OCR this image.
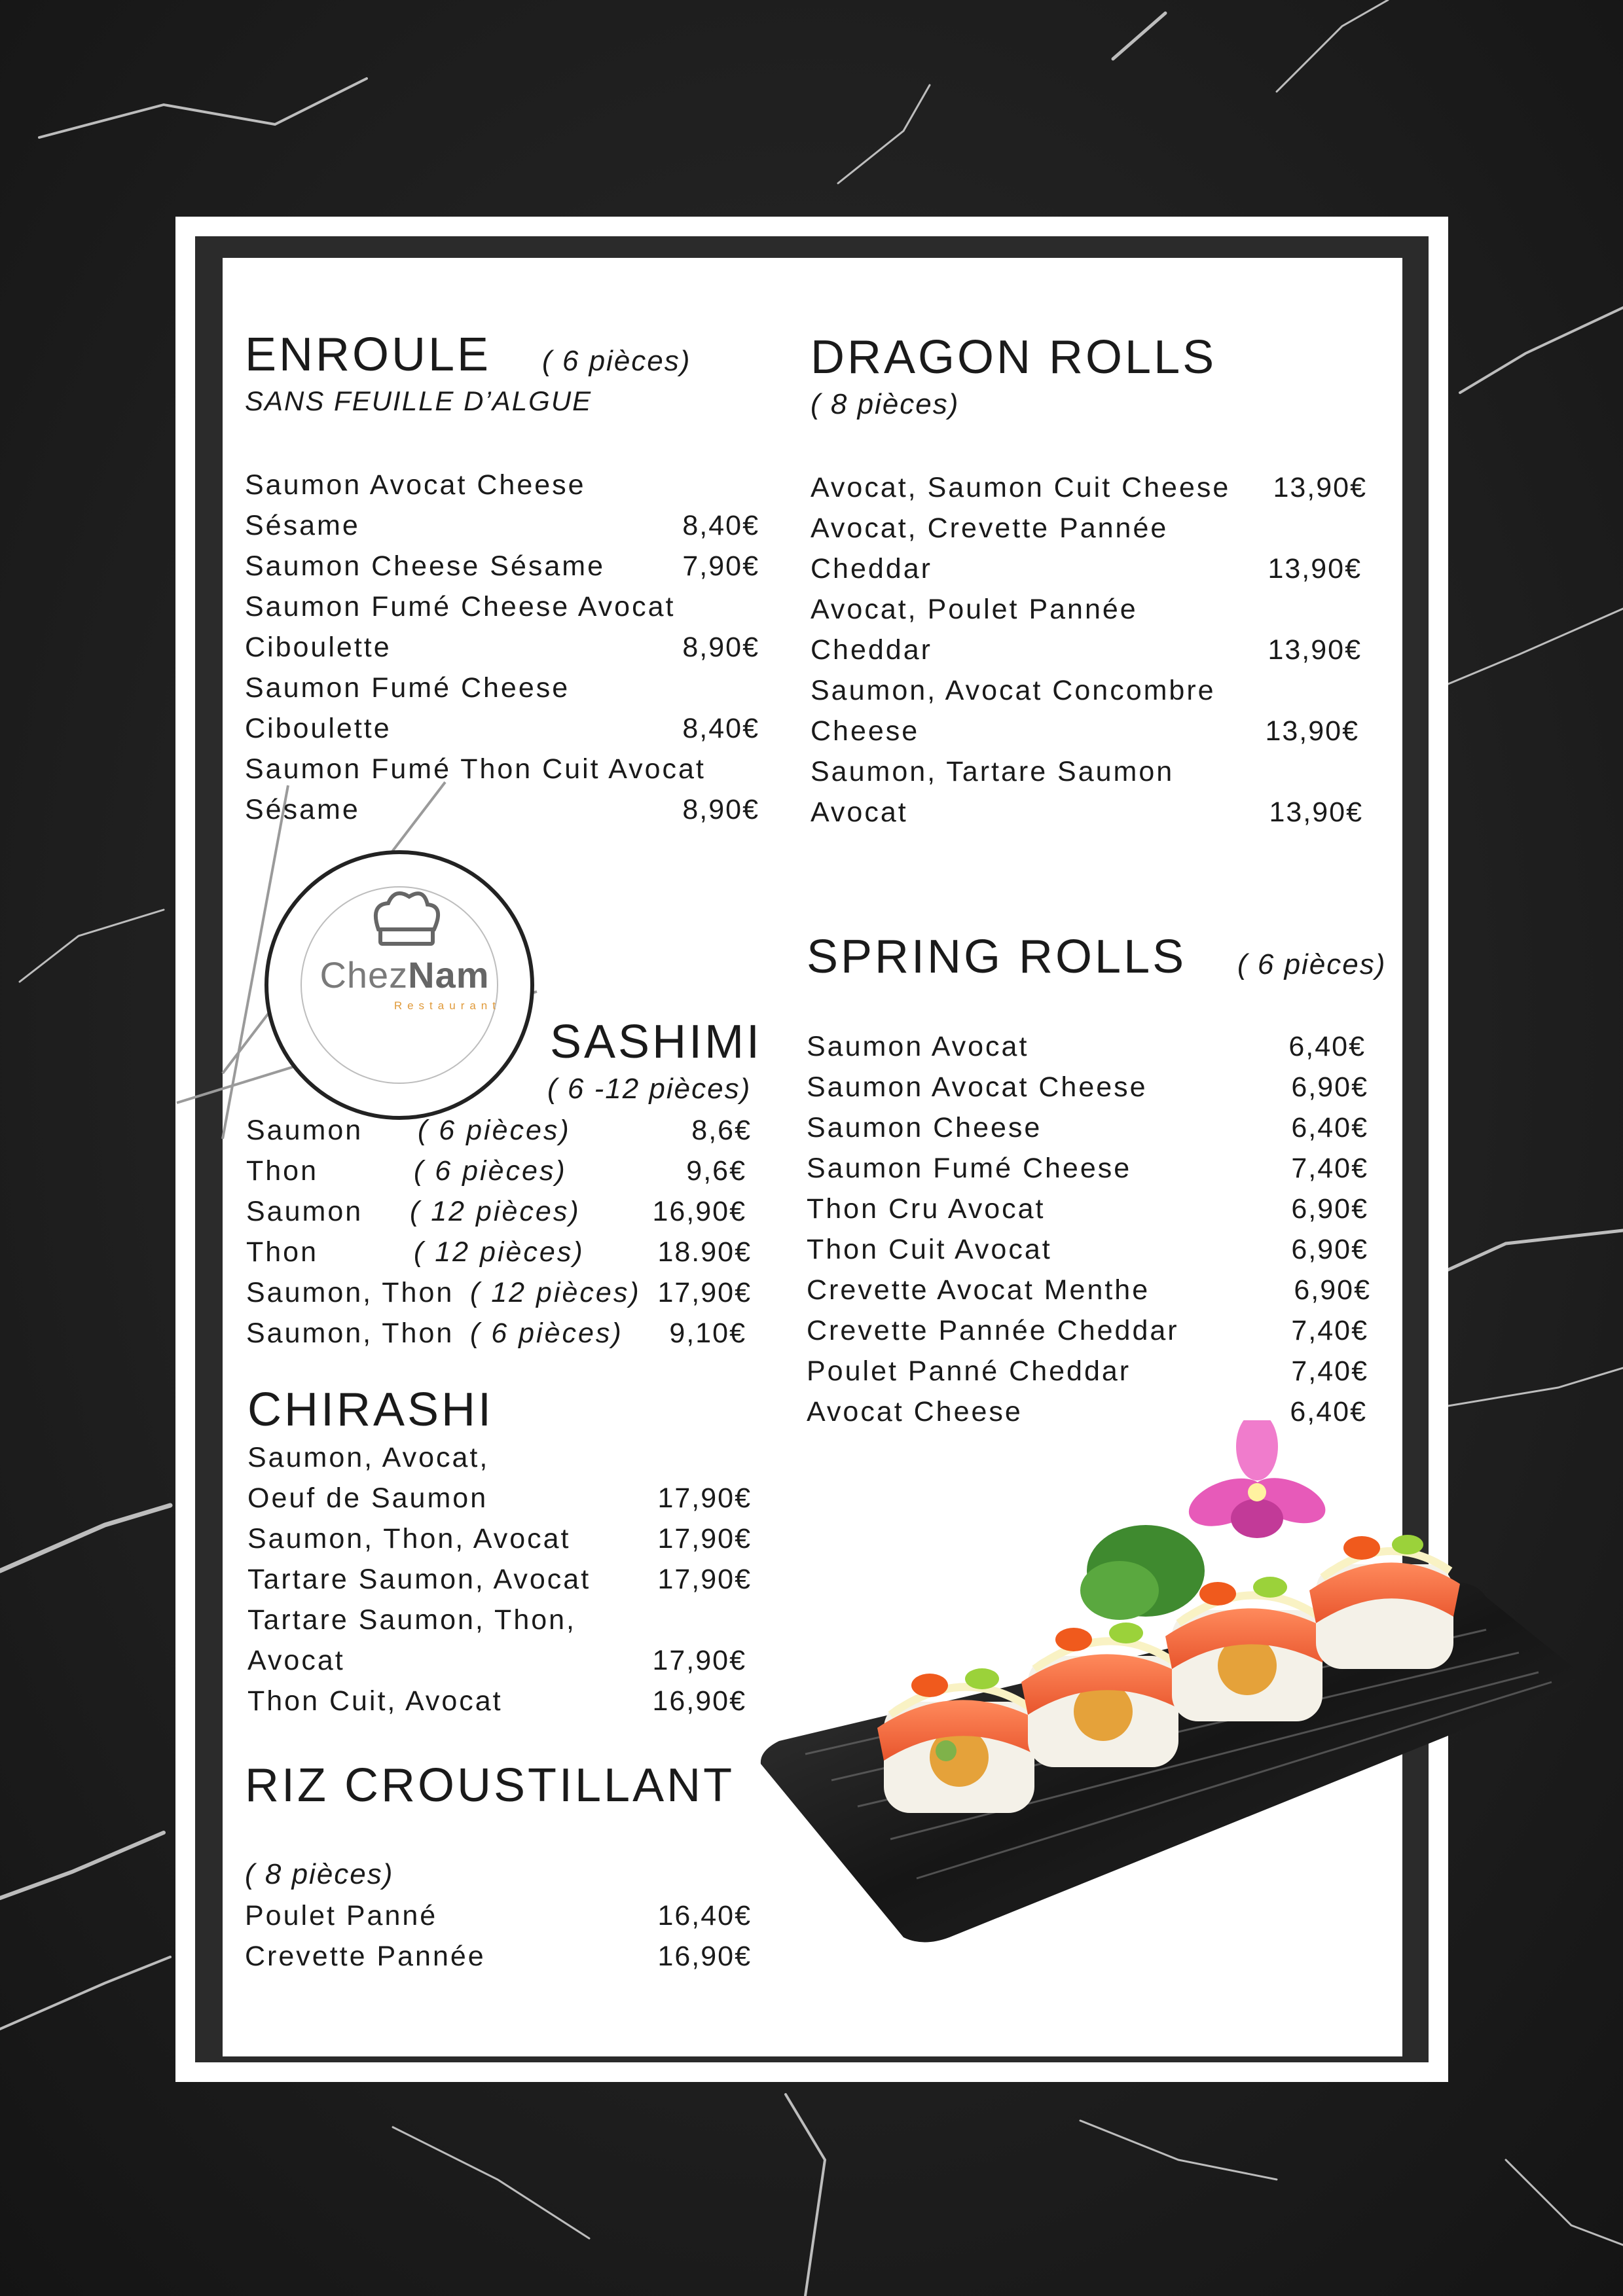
ChezNam
Restaurant
ENROULE ( 6 pièces)
SANS FEUILLE D’ALGUE
Saumon Avocat Cheese
Sésame	8,40€
Saumon Cheese Sésame	7,90€
Saumon Fumé Cheese Avocat
Ciboulette	8,90€
Saumon Fumé Cheese
Ciboulette	8,40€
Saumon Fumé Thon Cuit Avocat
Sésame	8,90€
SASHIMI
( 6 -12 pièces)
Saumon ( 6 pièces)	8,6€
Thon	( 6 pièces)	9,6€
Saumon ( 12 pièces)	16,90€
Thon	( 12 pièces)	18.90€
Saumon, Thon ( 12 pièces) 17,90€
Saumon, Thon ( 6 pièces)	9,10€
CHIRASHI
Saumon, Avocat,
Oeuf de Saumon	17,90€
Saumon, Thon, Avocat	17,90€
Tartare Saumon, Avocat	17,90€
Tartare Saumon, Thon,
Avocat	17,90€
Thon Cuit, Avocat	16,90€
RIZ CROUSTILLANT
( 8 pièces)
Poulet Panné	16,40€
Crevette Pannée	16,90€
DRAGON ROLLS
( 8 pièces)
Avocat, Saumon Cuit Cheese	13,90€
Avocat, Crevette Pannée
Cheddar	13,90€
Avocat, Poulet Pannée
Cheddar	13,90€
Saumon, Avocat Concombre
Cheese	13,90€
Saumon, Tartare Saumon
Avocat	13,90€
SPRING ROLLS ( 6 pièces)
Saumon Avocat	6,40€
Saumon Avocat Cheese	6,90€
Saumon Cheese	6,40€
Saumon Fumé Cheese	7,40€
Thon Cru Avocat	6,90€
Thon Cuit Avocat	6,90€
Crevette Avocat Menthe	6,90€
Crevette Pannée Cheddar	7,40€
Poulet Panné Cheddar	7,40€
Avocat Cheese	6,40€
